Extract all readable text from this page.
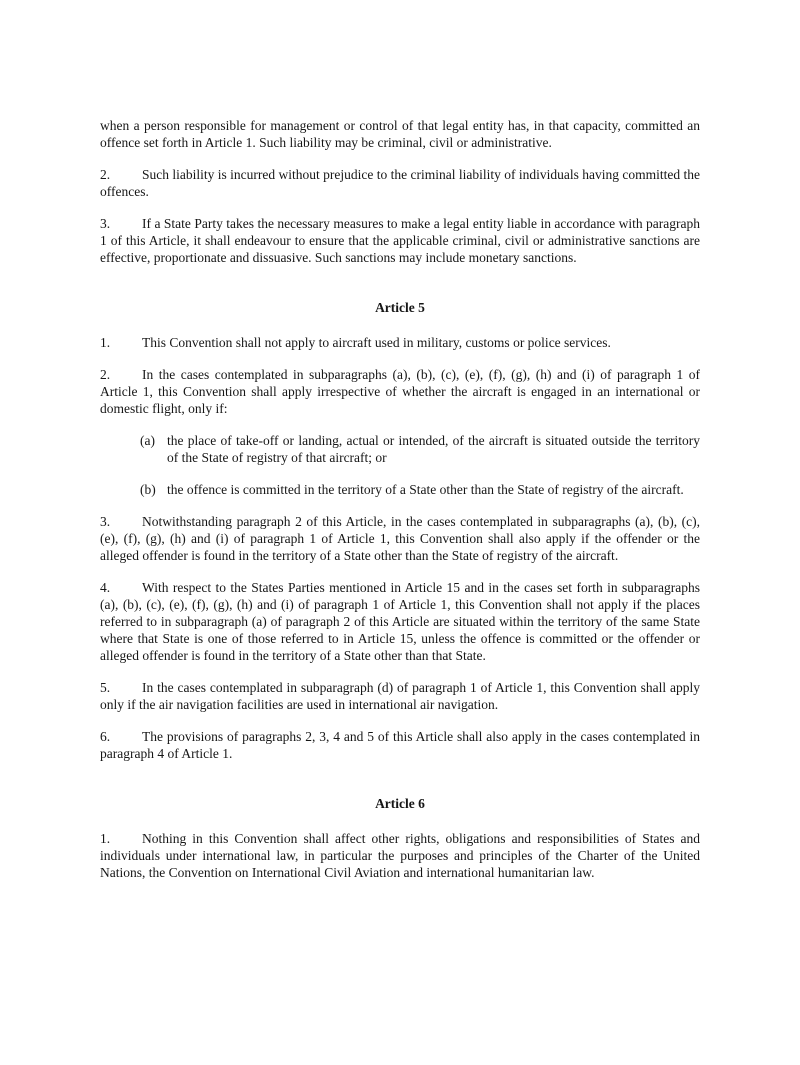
when a person responsible for management or control of that legal entity has, in that capacity, committed an offence set forth in Article 1. Such liability may be criminal, civil or administrative.

2. Such liability is incurred without prejudice to the criminal liability of individuals having committed the offences.

3. If a State Party takes the necessary measures to make a legal entity liable in accordance with paragraph 1 of this Article, it shall endeavour to ensure that the applicable criminal, civil or administrative sanctions are effective, proportionate and dissuasive. Such sanctions may include monetary sanctions.

Article 5

1. This Convention shall not apply to aircraft used in military, customs or police services.

2. In the cases contemplated in subparagraphs (a), (b), (c), (e), (f), (g), (h) and (i) of paragraph 1 of Article 1, this Convention shall apply irrespective of whether the aircraft is engaged in an international or domestic flight, only if:

(a) the place of take-off or landing, actual or intended, of the aircraft is situated outside the territory of the State of registry of that aircraft; or
(b) the offence is committed in the territory of a State other than the State of registry of the aircraft.

3. Notwithstanding paragraph 2 of this Article, in the cases contemplated in subparagraphs (a), (b), (c), (e), (f), (g), (h) and (i) of paragraph 1 of Article 1, this Convention shall also apply if the offender or the alleged offender is found in the territory of a State other than the State of registry of the aircraft.

4. With respect to the States Parties mentioned in Article 15 and in the cases set forth in subparagraphs (a), (b), (c), (e), (f), (g), (h) and (i) of paragraph 1 of Article 1, this Convention shall not apply if the places referred to in subparagraph (a) of paragraph 2 of this Article are situated within the territory of the same State where that State is one of those referred to in Article 15, unless the offence is committed or the offender or alleged offender is found in the territory of a State other than that State.

5. In the cases contemplated in subparagraph (d) of paragraph 1 of Article 1, this Convention shall apply only if the air navigation facilities are used in international air navigation.

6. The provisions of paragraphs 2, 3, 4 and 5 of this Article shall also apply in the cases contemplated in paragraph 4 of Article 1.

Article 6

1. Nothing in this Convention shall affect other rights, obligations and responsibilities of States and individuals under international law, in particular the purposes and principles of the Charter of the United Nations, the Convention on International Civil Aviation and international humanitarian law.
